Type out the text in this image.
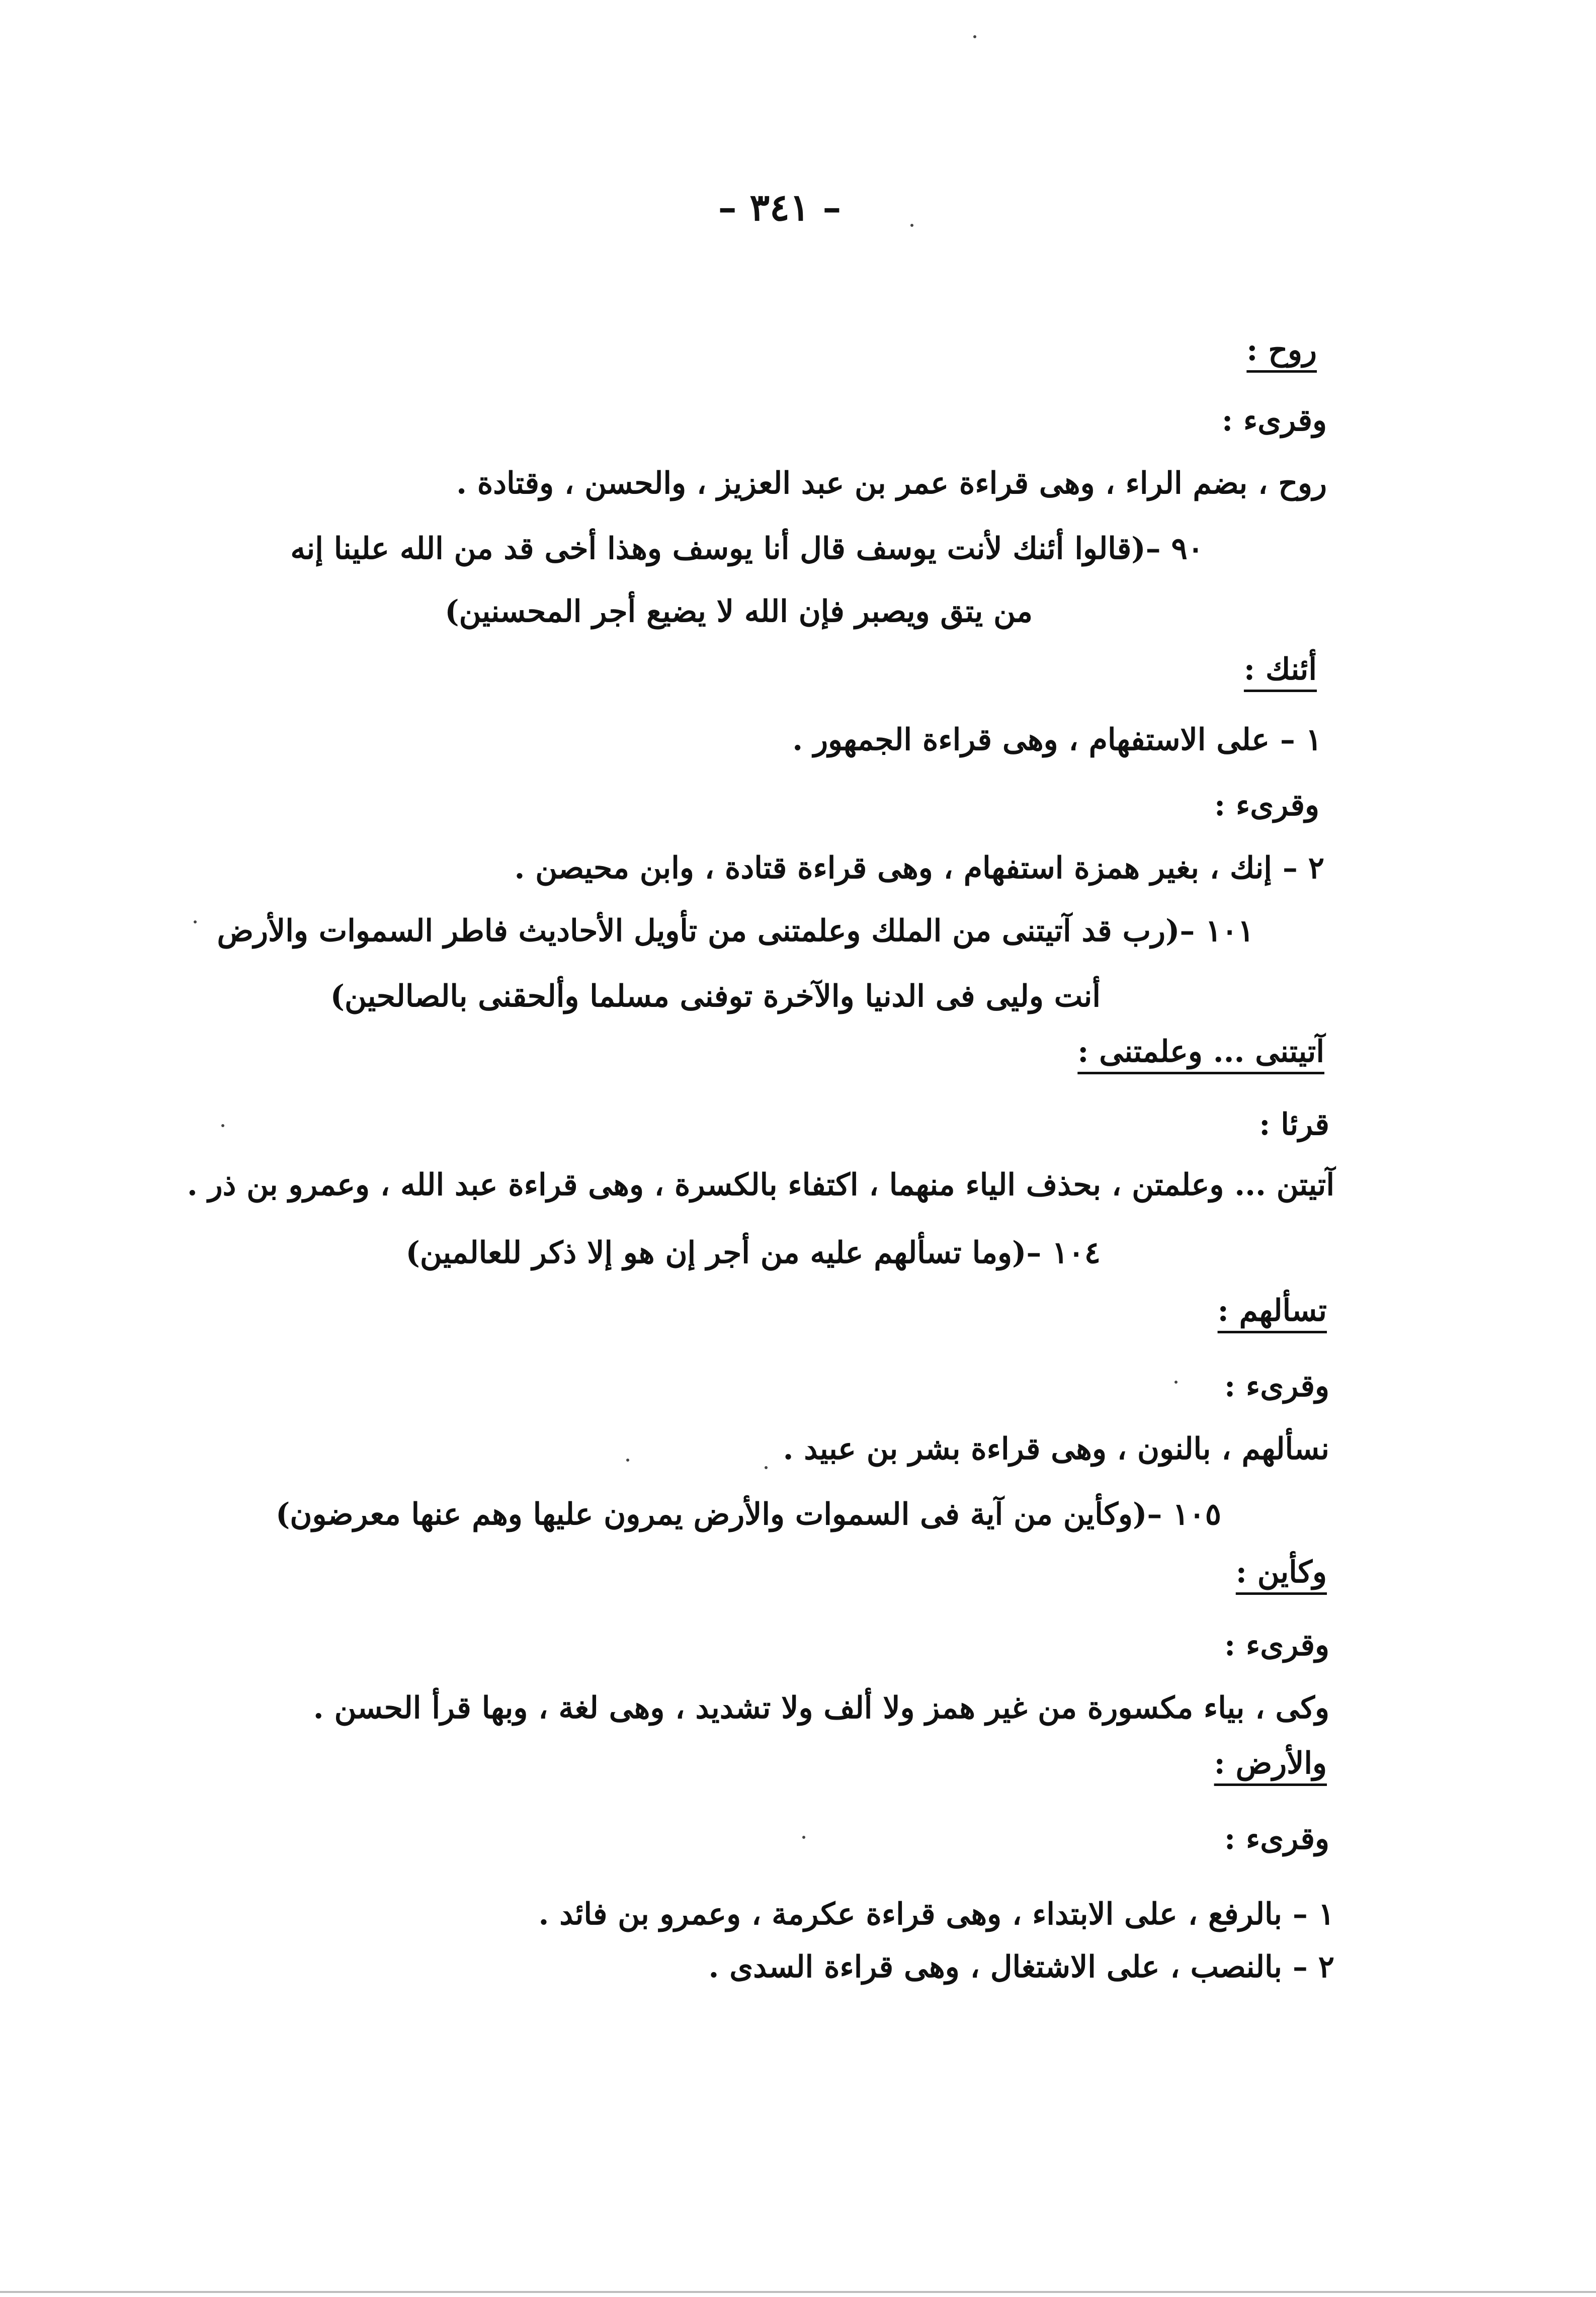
– ٣٤١ –
روح :
وقرىء :
روح ، بضم الراء ، وهى قراءة عمر بن عبد العزيز ، والحسن ، وقتادة .
٩٠ –(قالوا أئنك لأنت يوسف قال أنا يوسف وهذا أخى قد من الله علينا إنه
من يتق ويصبر فإن الله لا يضيع أجر المحسنين)
أئنك :
١ – على الاستفهام ، وهى قراءة الجمهور .
وقرىء :
٢ – إنك ، بغير همزة استفهام ، وهى قراءة قتادة ، وابن محيصن .
١٠١ –(رب قد آتيتنى من الملك وعلمتنى من تأويل الأحاديث فاطر السموات والأرض
أنت وليى فى الدنيا والآخرة توفنى مسلما وألحقنى بالصالحين)
آتيتنى ... وعلمتنى :
قرئا :
آتيتن ... وعلمتن ، بحذف الياء منهما ، اكتفاء بالكسرة ، وهى قراءة عبد الله ، وعمرو بن ذر .
١٠٤ –(وما تسألهم عليه من أجر إن هو إلا ذكر للعالمين)
تسألهم :
وقرىء :
نسألهم ، بالنون ، وهى قراءة بشر بن عبيد .
١٠٥ –(وكأين من آية فى السموات والأرض يمرون عليها وهم عنها معرضون)
وكأين :
وقرىء :
وكى ، بياء مكسورة من غير همز ولا ألف ولا تشديد ، وهى لغة ، وبها قرأ الحسن .
والأرض :
وقرىء :
١ – بالرفع ، على الابتداء ، وهى قراءة عكرمة ، وعمرو بن فائد .
٢ – بالنصب ، على الاشتغال ، وهى قراءة السدى .
